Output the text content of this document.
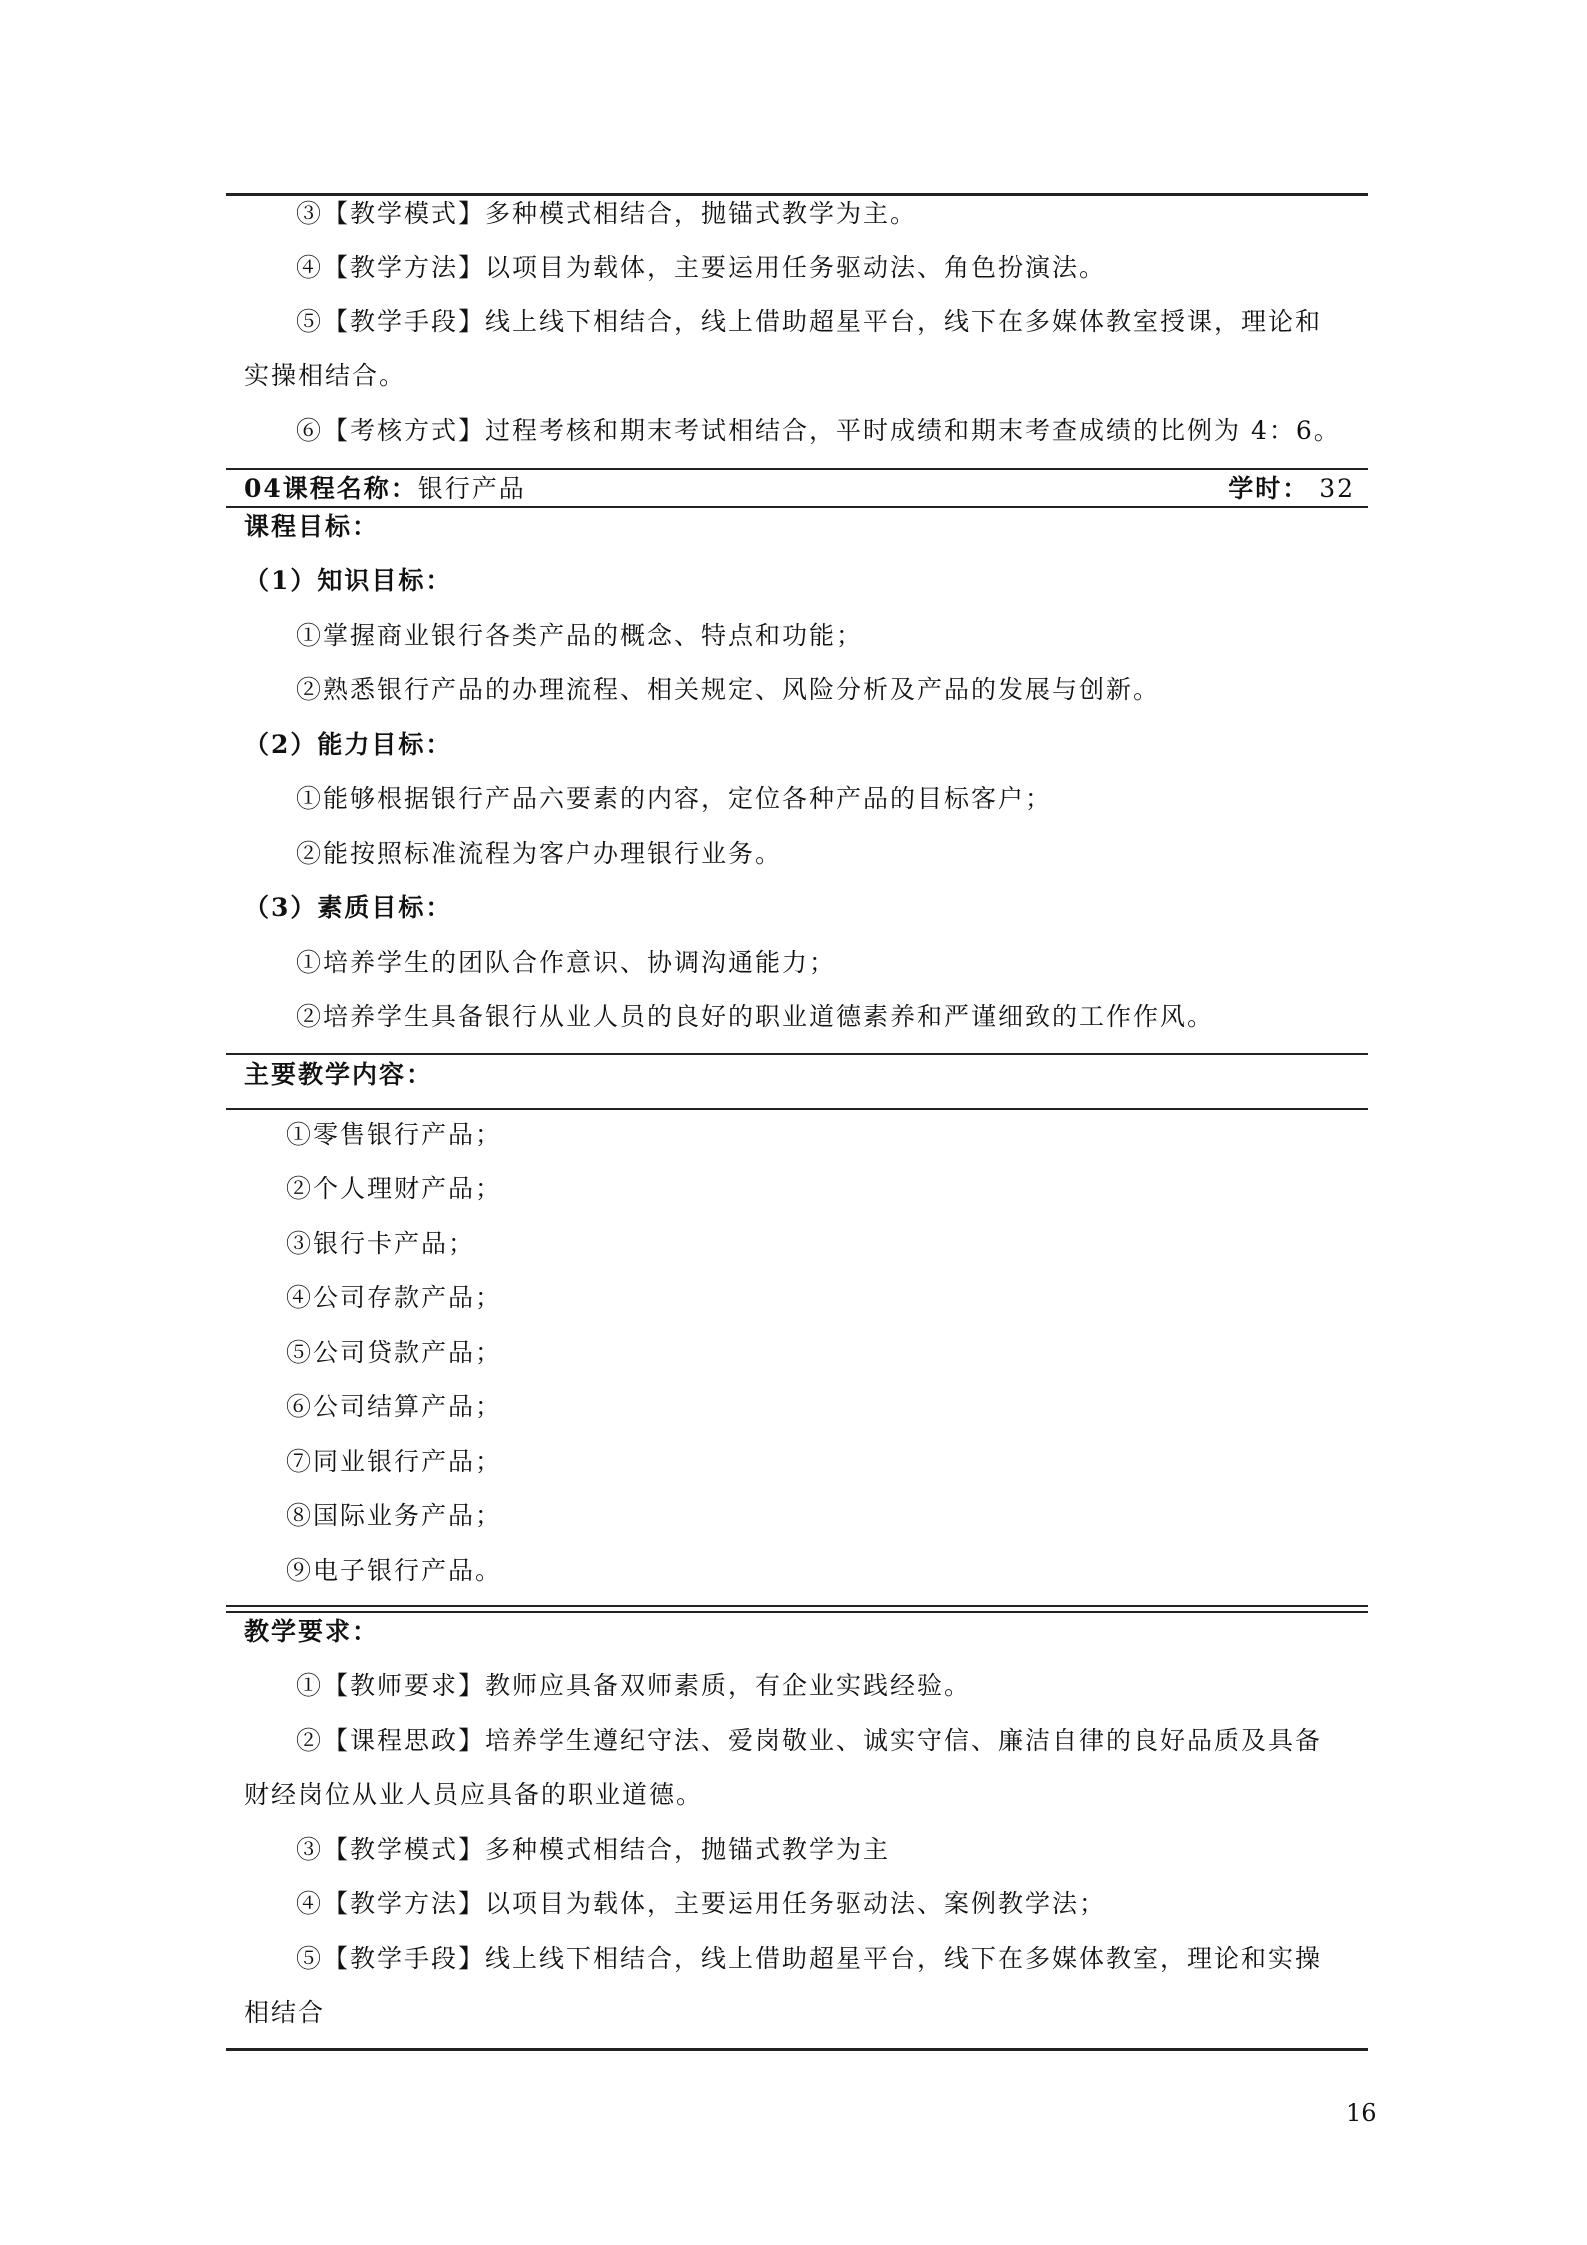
③【教学模式】多种模式相结合，抛锚式教学为主。
④【教学方法】以项目为载体，主要运用任务驱动法、角色扮演法。
⑤【教学手段】线上线下相结合，线上借助超星平台，线下在多媒体教室授课，理论和
实操相结合。
⑥【考核方式】过程考核和期末考试相结合，平时成绩和期末考查成绩的比例为 4：6。
04课程名称：银行产品	学时： 32
课程目标：
（1）知识目标：
①掌握商业银行各类产品的概念、特点和功能；
②熟悉银行产品的办理流程、相关规定、风险分析及产品的发展与创新。
（2）能力目标：
①能够根据银行产品六要素的内容，定位各种产品的目标客户；
②能按照标准流程为客户办理银行业务。
（3）素质目标：
①培养学生的团队合作意识、协调沟通能力；
②培养学生具备银行从业人员的良好的职业道德素养和严谨细致的工作作风。
主要教学内容：
①零售银行产品；
②个人理财产品；
③银行卡产品；
④公司存款产品；
⑤公司贷款产品；
⑥公司结算产品；
⑦同业银行产品；
⑧国际业务产品；
⑨电子银行产品。
教学要求：
①【教师要求】教师应具备双师素质，有企业实践经验。
②【课程思政】培养学生遵纪守法、爱岗敬业、诚实守信、廉洁自律的良好品质及具备
财经岗位从业人员应具备的职业道德。
③【教学模式】多种模式相结合，抛锚式教学为主
④【教学方法】以项目为载体，主要运用任务驱动法、案例教学法；
⑤【教学手段】线上线下相结合，线上借助超星平台，线下在多媒体教室，理论和实操
相结合
16
